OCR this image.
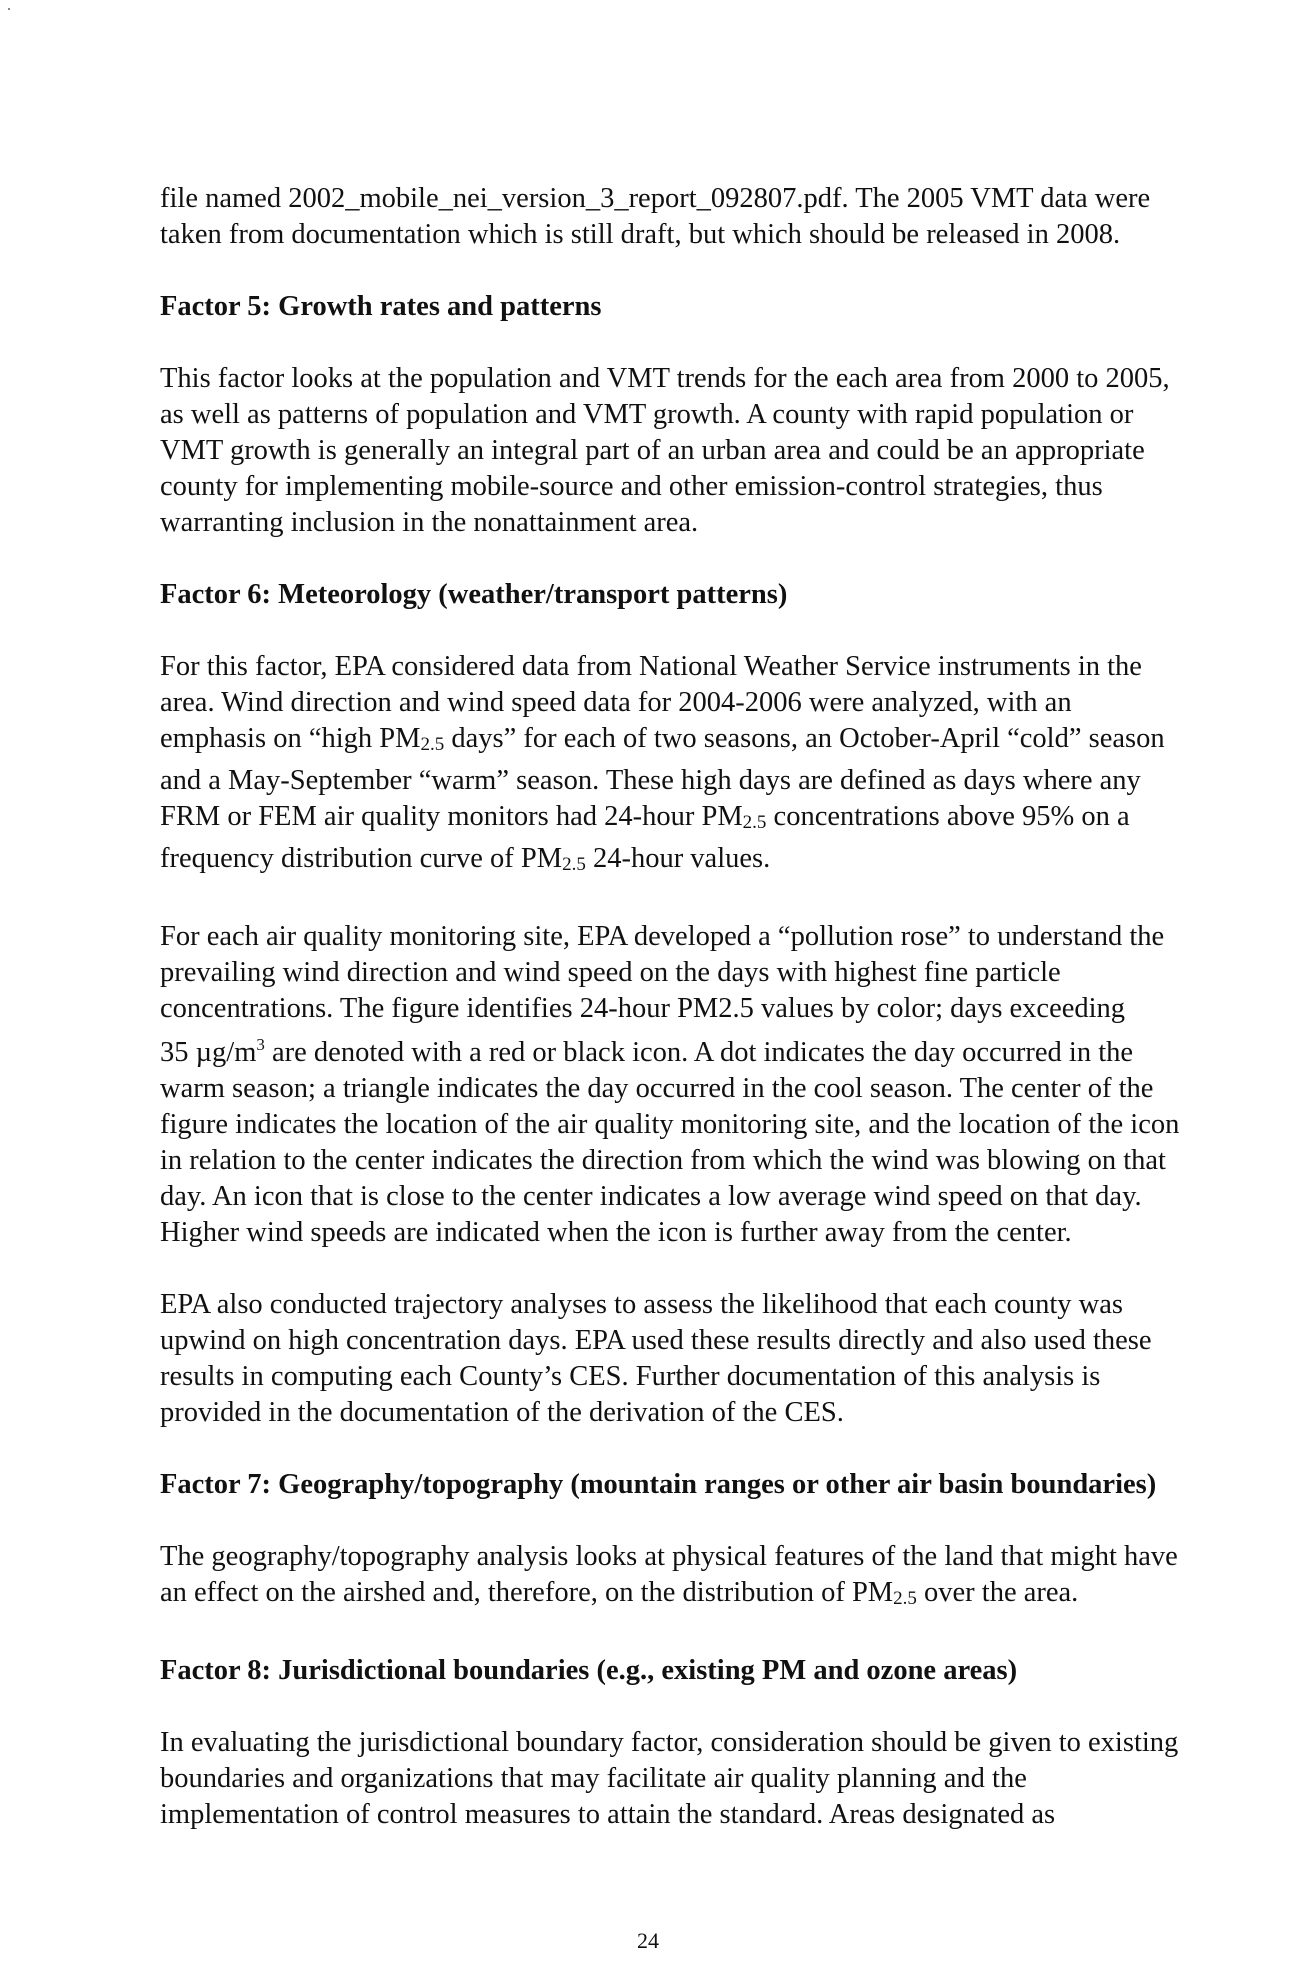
file named 2002_mobile_nei_version_3_report_092807.pdf. The 2005 VMT data were
taken from documentation which is still draft, but which should be released in 2008.

Factor 5: Growth rates and patterns

This factor looks at the population and VMT trends for the each area from 2000 to 2005,
as well as patterns of population and VMT growth. A county with rapid population or
VMT growth is generally an integral part of an urban area and could be an appropriate
county for implementing mobile-source and other emission-control strategies, thus
warranting inclusion in the nonattainment area.

Factor 6: Meteorology (weather/transport patterns)

For this factor, EPA considered data from National Weather Service instruments in the
area. Wind direction and wind speed data for 2004-2006 were analyzed, with an
emphasis on “high PM2.5 days” for each of two seasons, an October-April “cold” season
and a May-September “warm” season. These high days are defined as days where any
FRM or FEM air quality monitors had 24-hour PM2.5 concentrations above 95% on a
frequency distribution curve of PM2.5 24-hour values.

For each air quality monitoring site, EPA developed a “pollution rose” to understand the
prevailing wind direction and wind speed on the days with highest fine particle
concentrations. The figure identifies 24-hour PM2.5 values by color; days exceeding
35 $\mu g/m^3$ are denoted with a red or black icon. A dot indicates the day occurred in the
warm season; a triangle indicates the day occurred in the cool season. The center of the
figure indicates the location of the air quality monitoring site, and the location of the icon
in relation to the center indicates the direction from which the wind was blowing on that
day. An icon that is close to the center indicates a low average wind speed on that day.
Higher wind speeds are indicated when the icon is further away from the center.

EPA also conducted trajectory analyses to assess the likelihood that each county was
upwind on high concentration days. EPA used these results directly and also used these
results in computing each County’s CES. Further documentation of this analysis is
provided in the documentation of the derivation of the CES.

Factor 7: Geography/topography (mountain ranges or other air basin boundaries)

The geography/topography analysis looks at physical features of the land that might have
an effect on the airshed and, therefore, on the distribution of PM2.5 over the area.

Factor 8: Jurisdictional boundaries (e.g., existing PM and ozone areas)

In evaluating the jurisdictional boundary factor, consideration should be given to existing
boundaries and organizations that may facilitate air quality planning and the
implementation of control measures to attain the standard. Areas designated as

24
